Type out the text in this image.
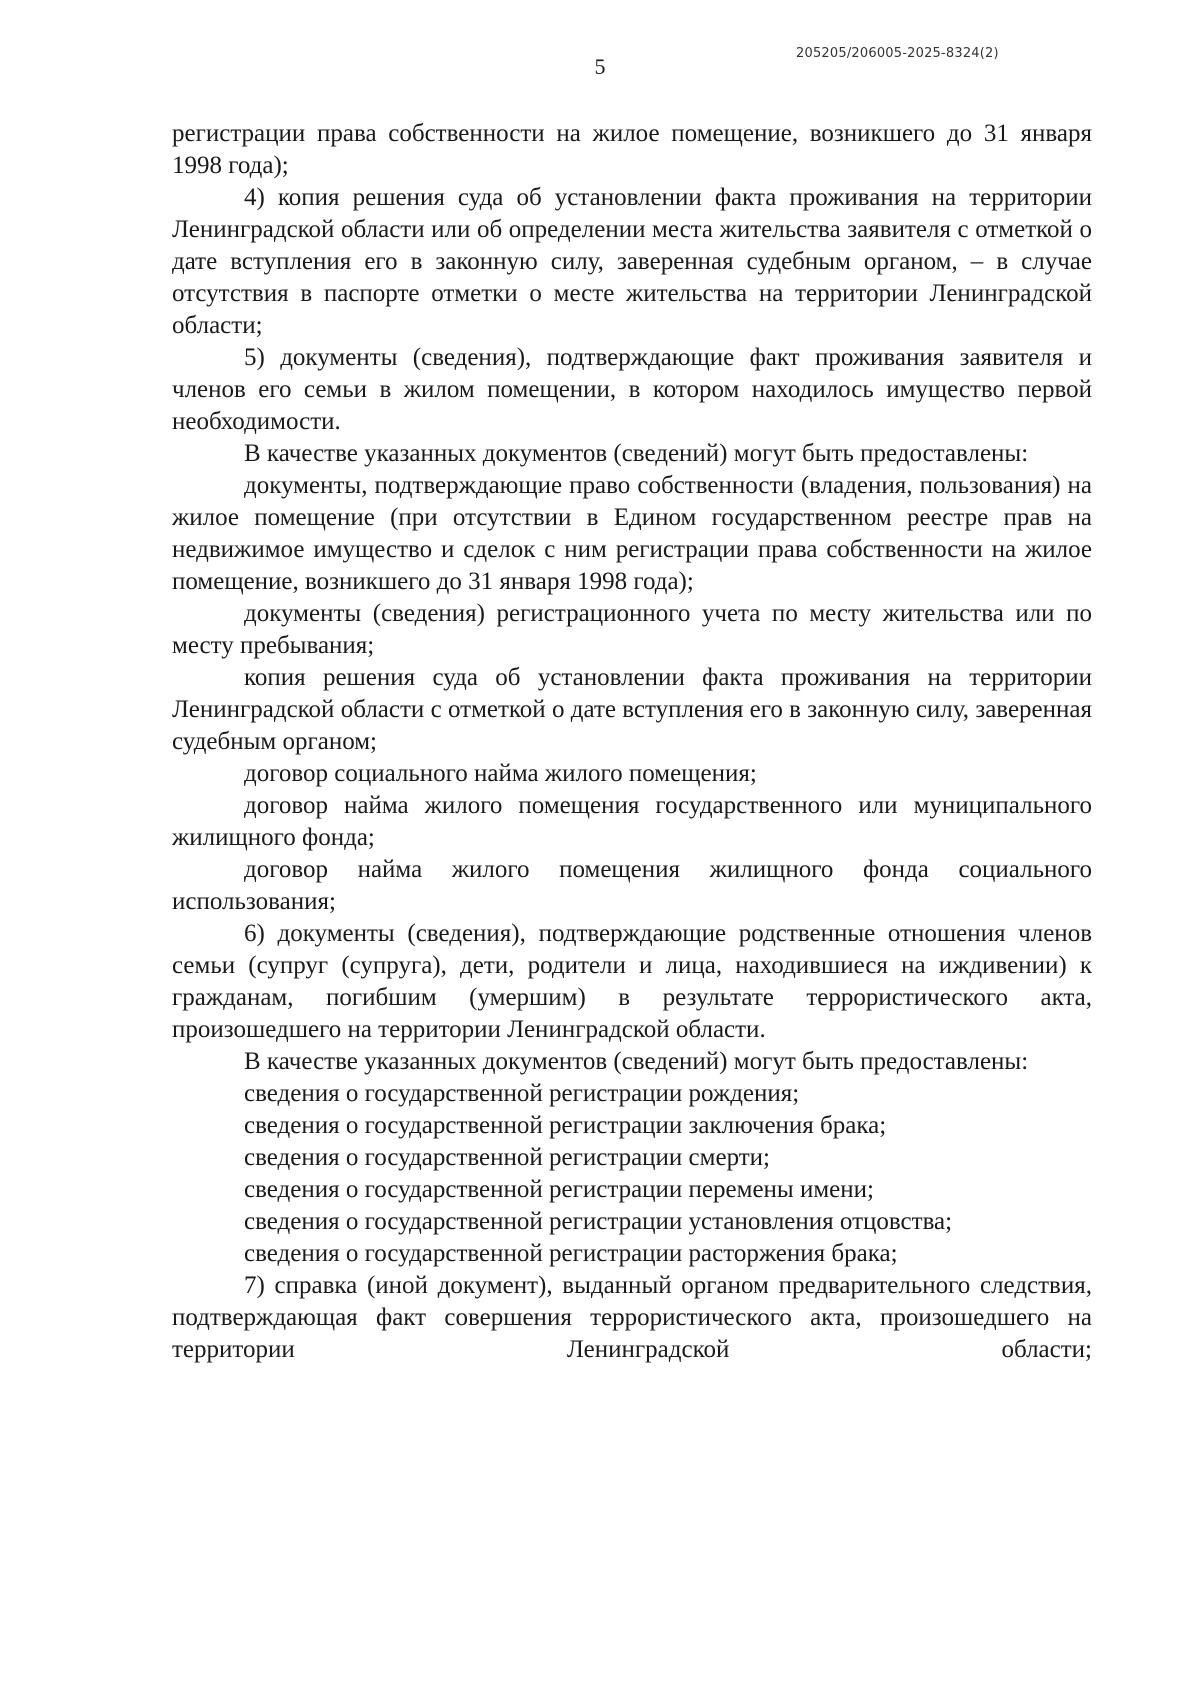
205205/206005-2025-8324(2)
5

регистрации права собственности на жилое помещение, возникшего до 31 января 1998 года);

4) копия решения суда об установлении факта проживания на территории Ленинградской области или об определении места жительства заявителя с отметкой о дате вступления его в законную силу, заверенная судебным органом, – в случае отсутствия в паспорте отметки о месте жительства на территории Ленинградской области;

5) документы (сведения), подтверждающие факт проживания заявителя и членов его семьи в жилом помещении, в котором находилось имущество первой необходимости.

В качестве указанных документов (сведений) могут быть предоставлены:

документы, подтверждающие право собственности (владения, пользования) на жилое помещение (при отсутствии в Едином государственном реестре прав на недвижимое имущество и сделок с ним регистрации права собственности на жилое помещение, возникшего до 31 января 1998 года);

документы (сведения) регистрационного учета по месту жительства или по месту пребывания;

копия решения суда об установлении факта проживания на территории Ленинградской области с отметкой о дате вступления его в законную силу, заверенная судебным органом;

договор социального найма жилого помещения;

договор найма жилого помещения государственного или муниципального жилищного фонда;

договор найма жилого помещения жилищного фонда социального использования;

6) документы (сведения), подтверждающие родственные отношения членов семьи (супруг (супруга), дети, родители и лица, находившиеся на иждивении) к гражданам, погибшим (умершим) в результате террористического акта, произошедшего на территории Ленинградской области.

В качестве указанных документов (сведений) могут быть предоставлены:

сведения о государственной регистрации рождения;

сведения о государственной регистрации заключения брака;

сведения о государственной регистрации смерти;

сведения о государственной регистрации перемены имени;

сведения о государственной регистрации установления отцовства;

сведения о государственной регистрации расторжения брака;

7) справка (иной документ), выданный органом предварительного следствия, подтверждающая факт совершения террористического акта, произошедшего на территории Ленинградской области;
